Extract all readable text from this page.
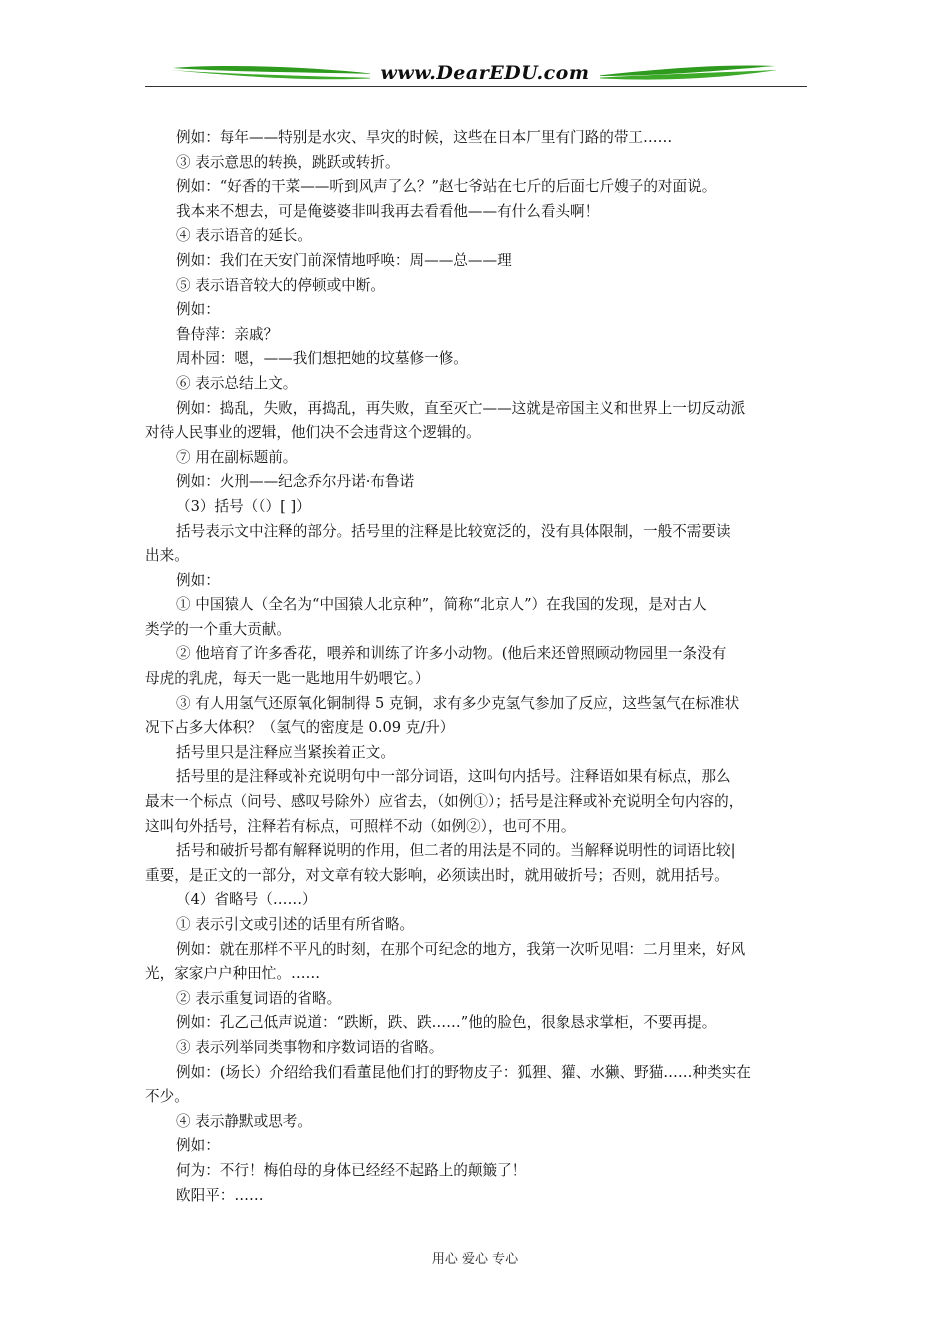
www.DearEDU.com
例如：每年——特别是水灾、旱灾的时候，这些在日本厂里有门路的带工……
③ 表示意思的转换，跳跃或转折。
例如：“好香的干菜——听到风声了么？”赵七爷站在七斤的后面七斤嫂子的对面说。
我本来不想去，可是俺婆婆非叫我再去看看他——有什么看头啊！
④ 表示语音的延长。
例如：我们在天安门前深情地呼唤：周——总——理
⑤ 表示语音较大的停顿或中断。
例如：
鲁侍萍：亲戚？
周朴园：嗯，——我们想把她的坟墓修一修。
⑥ 表示总结上文。
例如：捣乱，失败，再捣乱，再失败，直至灭亡——这就是帝国主义和世界上一切反动派
对待人民事业的逻辑，他们决不会违背这个逻辑的。
⑦ 用在副标题前。
例如：火刑——纪念乔尔丹诺·布鲁诺
（3）括号（（）[ ]）
括号表示文中注释的部分。括号里的注释是比较宽泛的，没有具体限制，一般不需要读
出来。
例如：
① 中国猿人（全名为“中国猿人北京种”，简称“北京人”）在我国的发现，是对古人
类学的一个重大贡献。
② 他培育了许多香花，喂养和训练了许多小动物。(他后来还曾照顾动物园里一条没有
母虎的乳虎，每天一匙一匙地用牛奶喂它。）
③ 有人用氢气还原氧化铜制得 5 克铜，求有多少克氢气参加了反应，这些氢气在标准状
况下占多大体积？（氢气的密度是 0.09 克/升）
括号里只是注释应当紧挨着正文。
括号里的是注释或补充说明句中一部分词语，这叫句内括号。注释语如果有标点，那么
最末一个标点（问号、感叹号除外）应省去，（如例①）；括号是注释或补充说明全句内容的，
这叫句外括号，注释若有标点，可照样不动（如例②），也可不用。
括号和破折号都有解释说明的作用，但二者的用法是不同的。当解释说明性的词语比较|
重要，是正文的一部分，对文章有较大影响，必须读出时，就用破折号；否则，就用括号。
（4）省略号（……）
① 表示引文或引述的话里有所省略。
例如：就在那样不平凡的时刻，在那个可纪念的地方，我第一次听见唱：二月里来，好风
光，家家户户种田忙。……
② 表示重复词语的省略。
例如：孔乙己低声说道：“跌断，跌、跌……”他的脸色，很象恳求掌柜，不要再提。
③ 表示列举同类事物和序数词语的省略。
例如：(场长）介绍给我们看董昆他们打的野物皮子：狐狸、獾、水獭、野猫……种类实在
不少。
④ 表示静默或思考。
例如：
何为：不行！梅伯母的身体已经经不起路上的颠簸了！
欧阳平：……
用心 爱心 专心
